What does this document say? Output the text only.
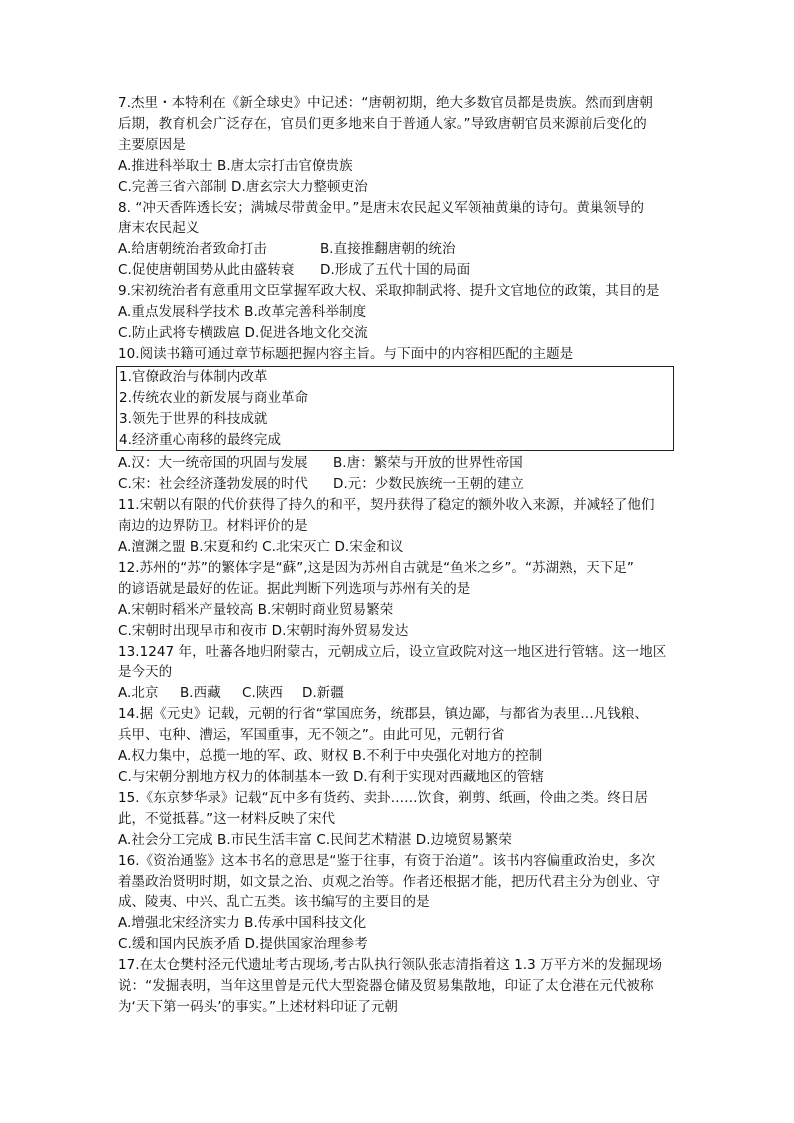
7.杰里・本特利在《新全球史》中记述：“唐朝初期，绝大多数官员都是贵族。然而到唐朝
后期，教育机会广泛存在，官员们更多地来自于普通人家。”导致唐朝官员来源前后变化的
主要原因是
A.推进科举取士 B.唐太宗打击官僚贵族
C.完善三省六部制 D.唐玄宗大力整顿吏治
8. “冲天香阵透长安；满城尽带黄金甲。”是唐末农民起义军领袖黄巢的诗句。黄巢领导的
唐末农民起义
A.给唐朝统治者致命打击	B.直接推翻唐朝的统治
C.促使唐朝国势从此由盛转衰	D.形成了五代十国的局面
9.宋初统治者有意重用文臣掌握军政大权、采取抑制武将、提升文官地位的政策，其目的是
A.重点发展科学技术 B.改革完善科举制度
C.防止武将专横跋扈 D.促进各地文化交流
10.阅读书籍可通过章节标题把握内容主旨。与下面中的内容相匹配的主题是
1.官僚政治与体制内改革
2.传统农业的新发展与商业革命
3.领先于世界的科技成就
4.经济重心南移的最终完成
A.汉：大一统帝国的巩固与发展	B.唐：繁荣与开放的世界性帝国
C.宋：社会经济蓬勃发展的时代	D.元：少数民族统一王朝的建立
11.宋朝以有限的代价获得了持久的和平，契丹获得了稳定的额外收入来源，并减轻了他们
南边的边界防卫。材料评价的是
A.澶渊之盟 B.宋夏和约 C.北宋灭亡 D.宋金和议
12.苏州的“苏”的繁体字是“蘇”,这是因为苏州自古就是“鱼米之乡”。“苏湖熟，天下足”
的谚语就是最好的佐证。据此判断下列选项与苏州有关的是
A.宋朝时稻米产量较高 B.宋朝时商业贸易繁荣
C.宋朝时出现早市和夜市 D.宋朝时海外贸易发达
13.1247 年，吐蕃各地归附蒙古，元朝成立后，设立宣政院对这一地区进行管辖。这一地区
是今天的
A.北京	B.西藏	C.陕西	D.新疆
14.据《元史》记载，元朝的行省“掌国庶务，统郡县，镇边鄙，与都省为表里…凡钱粮、
兵甲、屯种、漕运，军国重事，无不领之”。由此可见，元朝行省
A.权力集中，总揽一地的军、政、财权 B.不利于中央强化对地方的控制
C.与宋朝分割地方权力的体制基本一致 D.有利于实现对西藏地区的管辖
15.《东京梦华录》记载“瓦中多有货药、卖卦……饮食，剃剪、纸画，伶曲之类。终日居
此，不觉抵暮。”这一材料反映了宋代
A.社会分工完成 B.市民生活丰富 C.民间艺术精湛 D.边境贸易繁荣
16.《资治通鉴》这本书名的意思是“鉴于往事，有资于治道”。该书内容偏重政治史，多次
着墨政治贤明时期，如文景之治、贞观之治等。作者还根据才能，把历代君主分为创业、守
成、陵夷、中兴、乱亡五类。该书编写的主要目的是
A.增强北宋经济实力 B.传承中国科技文化
C.缓和国内民族矛盾 D.提供国家治理参考
17.在太仓樊村泾元代遗址考古现场,考古队执行领队张志清指着这 1.3 万平方米的发掘现场
说：“发掘表明，当年这里曾是元代大型瓷器仓储及贸易集散地，印证了太仓港在元代被称
为‘天下第一码头’的事实。”上述材料印证了元朝
